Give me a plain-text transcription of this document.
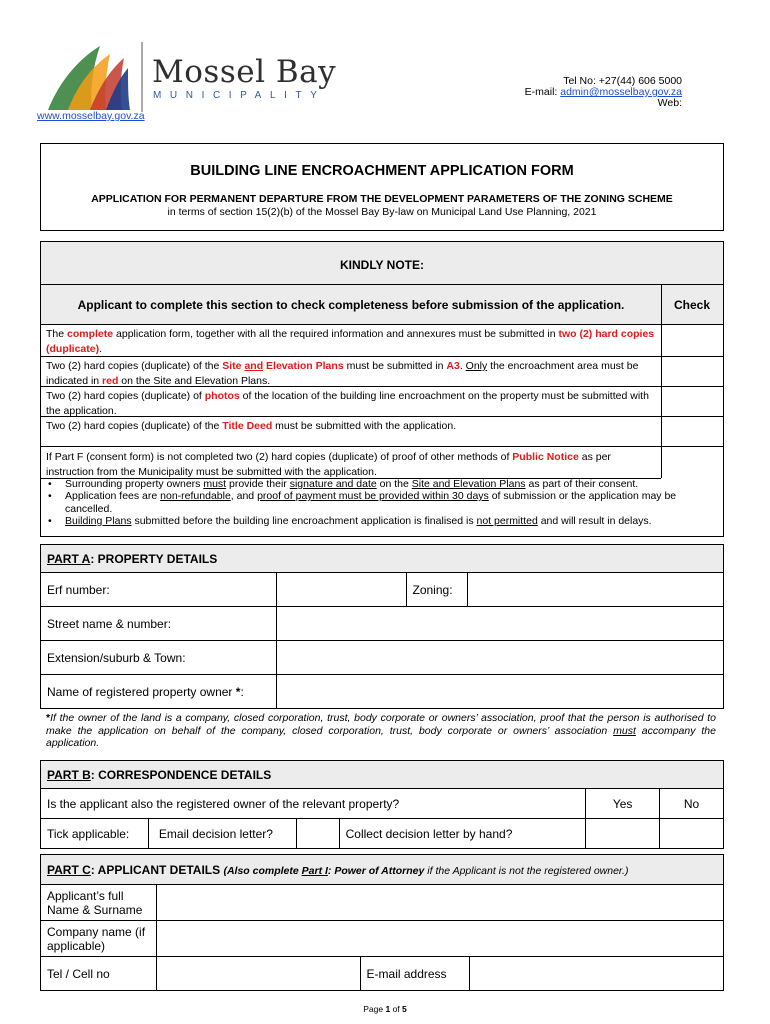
Mossel Bay
MUNICIPALITY
Tel No: +27(44) 606 5000
E-mail: admin@mosselbay.gov.za
Web:
www.mosselbay.gov.za
BUILDING LINE ENCROACHMENT APPLICATION FORM
APPLICATION FOR PERMANENT DEPARTURE FROM THE DEVELOPMENT PARAMETERS OF THE ZONING SCHEME
in terms of section 15(2)(b) of the Mossel Bay By-law on Municipal Land Use Planning, 2021
KINDLY NOTE:
Applicant to complete this section to check completeness before submission of the application.	Check
The complete application form, together with all the required information and annexures must be submitted in two (2) hard copies (duplicate).
Two (2) hard copies (duplicate) of the Site and Elevation Plans must be submitted in A3. Only the encroachment area must be indicated in red on the Site and Elevation Plans.
Two (2) hard copies (duplicate) of photos of the location of the building line encroachment on the property must be submitted with the application.
Two (2) hard copies (duplicate) of the Title Deed must be submitted with the application.
If Part F (consent form) is not completed two (2) hard copies (duplicate) of proof of other methods of Public Notice as per instruction from the Municipality must be submitted with the application.
• Surrounding property owners must provide their signature and date on the Site and Elevation Plans as part of their consent.
• Application fees are non-refundable, and proof of payment must be provided within 30 days of submission or the application may be cancelled.
• Building Plans submitted before the building line encroachment application is finalised is not permitted and will result in delays.
PART A: PROPERTY DETAILS			
Erf number:		Zoning:	
Street name & number:			
Extension/suburb & Town:			
Name of registered property owner *:			
*If the owner of the land is a company, closed corporation, trust, body corporate or owners’ association, proof that the person is authorised to make the application on behalf of the company, closed corporation, trust, body corporate or owners’ association must accompany the application.
PART B: CORRESPONDENCE DETAILS					
Is the applicant also the registered owner of the relevant property?				Yes	No
Tick applicable:	Email decision letter?		Collect decision letter by hand?		
PART C: APPLICANT DETAILS (Also complete Part I: Power of Attorney if the Applicant is not the registered owner.)			
Applicant’s full Name & Surname			
Company name (if applicable)			
Tel / Cell no		E-mail address	
Page 1 of 5
